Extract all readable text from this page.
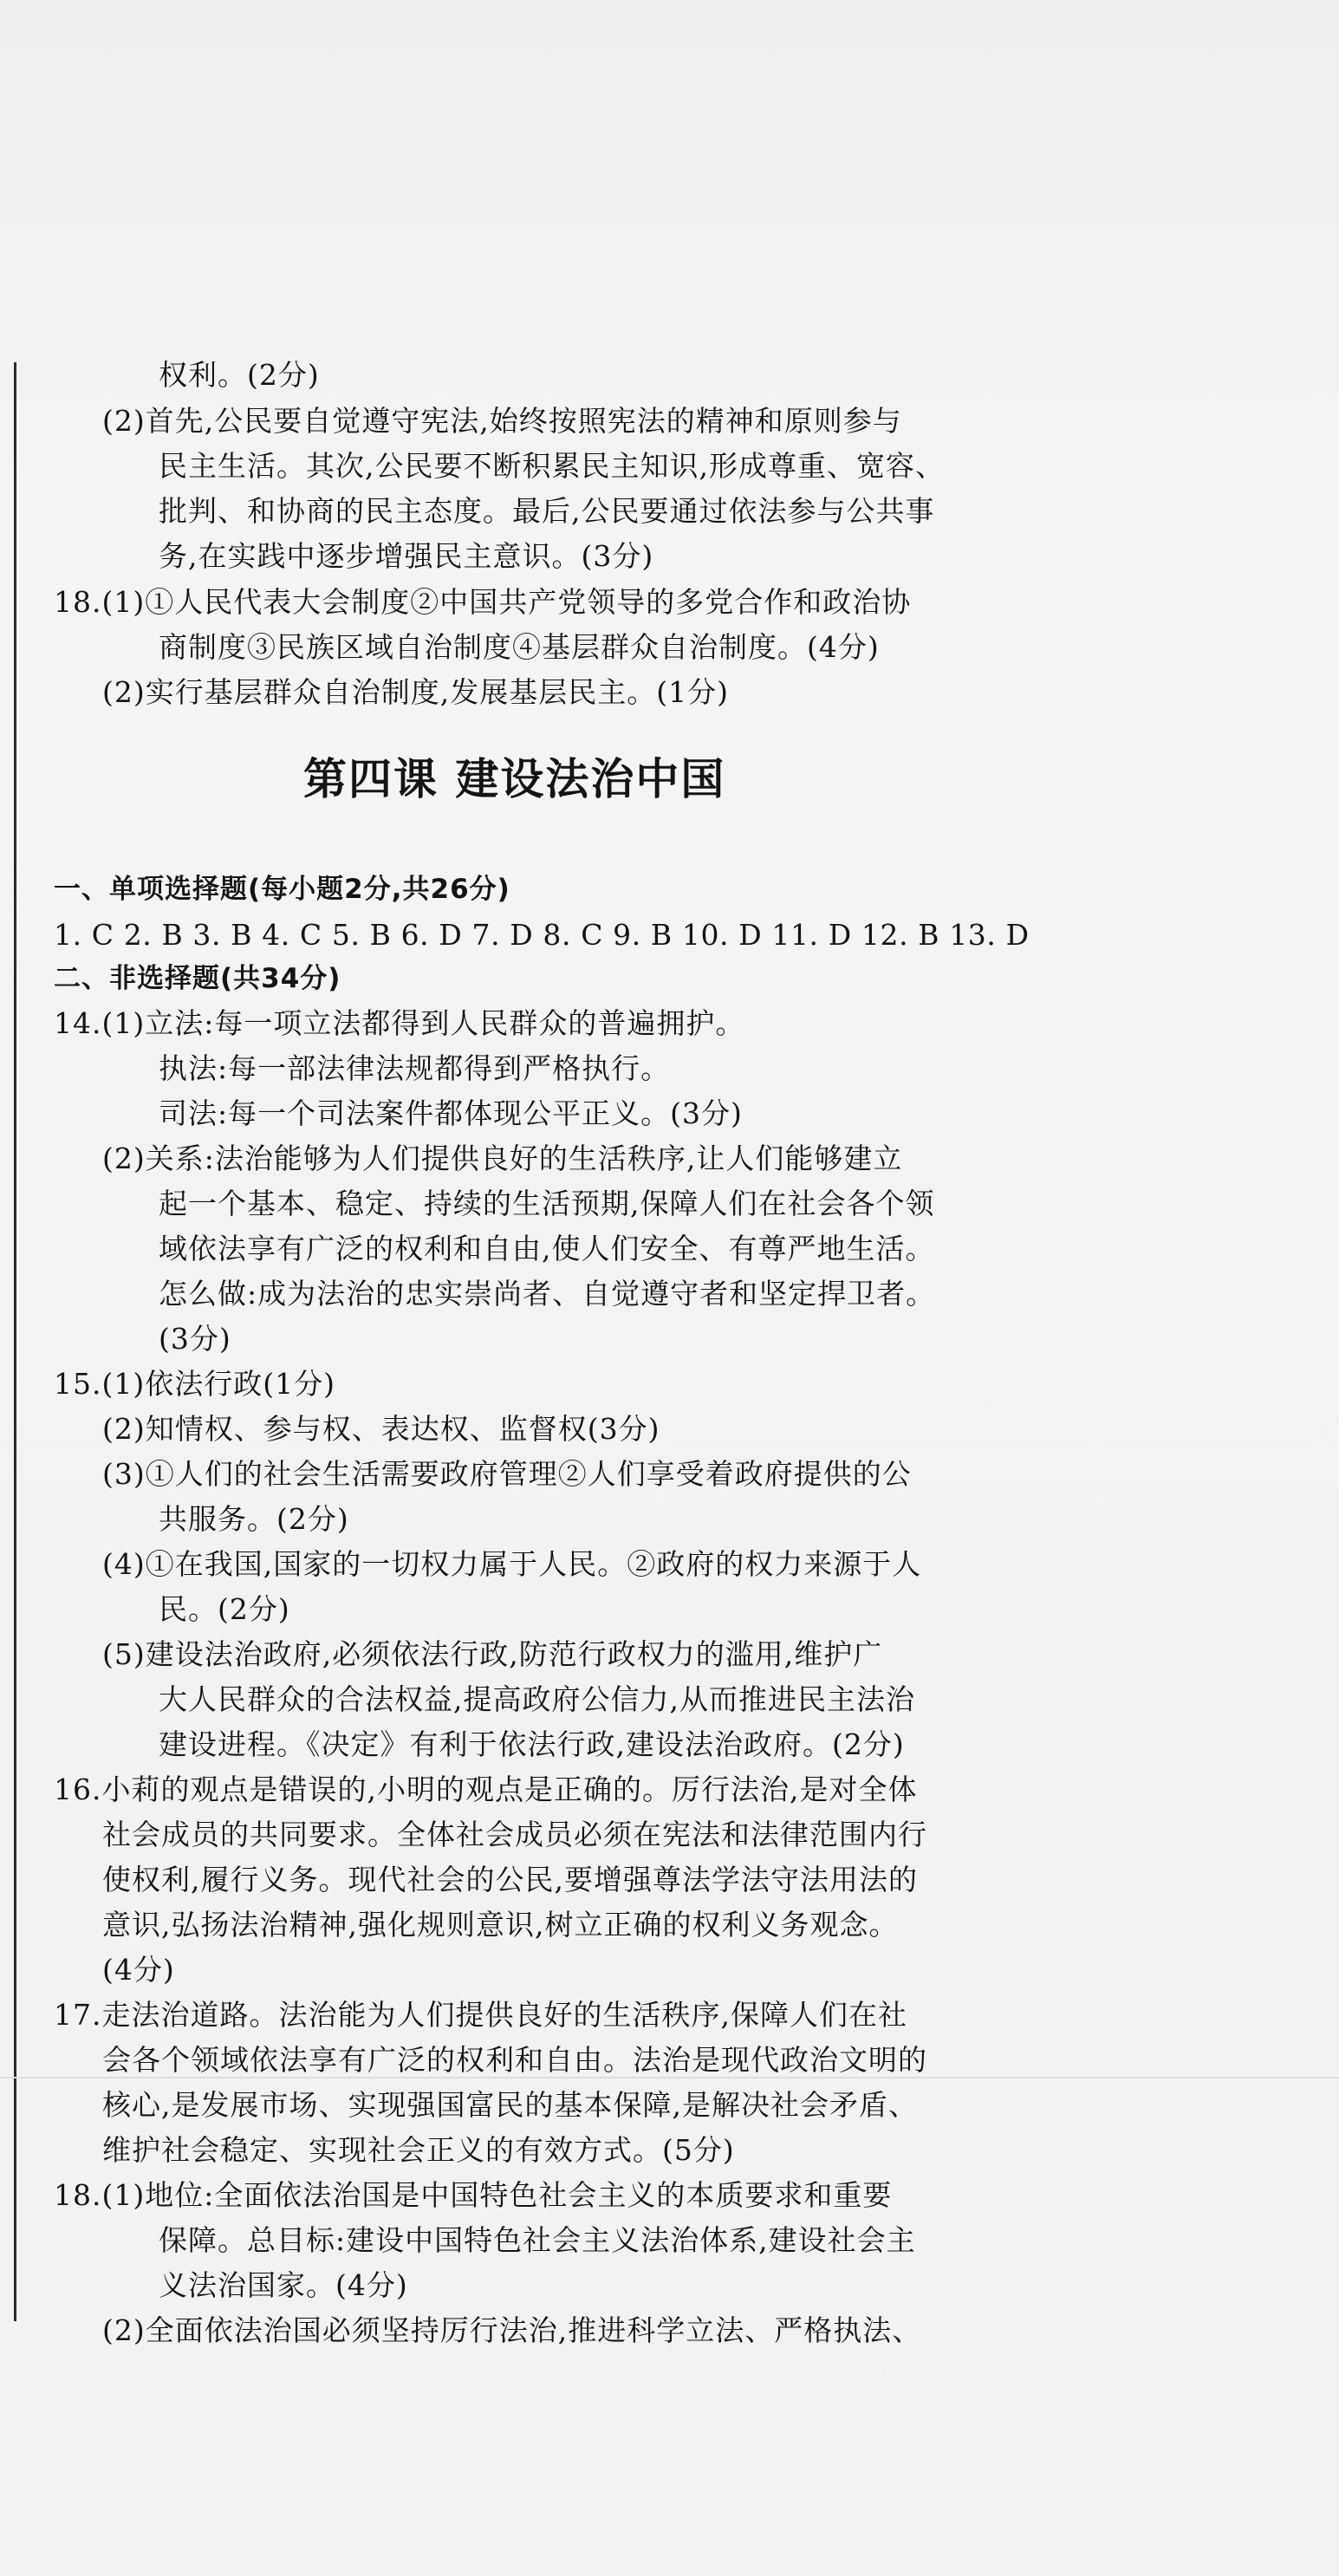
权利。(2分)
(2)首先,公民要自觉遵守宪法,始终按照宪法的精神和原则参与
民主生活。其次,公民要不断积累民主知识,形成尊重、宽容、
批判、和协商的民主态度。最后,公民要通过依法参与公共事
务,在实践中逐步增强民主意识。(3分)
18.(1)①人民代表大会制度②中国共产党领导的多党合作和政治协
商制度③民族区域自治制度④基层群众自治制度。(4分)
(2)实行基层群众自治制度,发展基层民主。(1分)
第四课 建设法治中国
一、单项选择题(每小题2分,共26分)
1. C 2. B 3. B 4. C 5. B 6. D 7. D 8. C 9. B 10. D 11. D 12. B 13. D
二、非选择题(共34分)
14.(1)立法:每一项立法都得到人民群众的普遍拥护。
执法:每一部法律法规都得到严格执行。
司法:每一个司法案件都体现公平正义。(3分)
(2)关系:法治能够为人们提供良好的生活秩序,让人们能够建立
起一个基本、稳定、持续的生活预期,保障人们在社会各个领
域依法享有广泛的权利和自由,使人们安全、有尊严地生活。
怎么做:成为法治的忠实崇尚者、自觉遵守者和坚定捍卫者。
(3分)
15.(1)依法行政(1分)
(2)知情权、参与权、表达权、监督权(3分)
(3)①人们的社会生活需要政府管理②人们享受着政府提供的公
共服务。(2分)
(4)①在我国,国家的一切权力属于人民。②政府的权力来源于人
民。(2分)
(5)建设法治政府,必须依法行政,防范行政权力的滥用,维护广
大人民群众的合法权益,提高政府公信力,从而推进民主法治
建设进程。《决定》有利于依法行政,建设法治政府。(2分)
16.小莉的观点是错误的,小明的观点是正确的。厉行法治,是对全体
社会成员的共同要求。全体社会成员必须在宪法和法律范围内行
使权利,履行义务。现代社会的公民,要增强尊法学法守法用法的
意识,弘扬法治精神,强化规则意识,树立正确的权利义务观念。
(4分)
17.走法治道路。法治能为人们提供良好的生活秩序,保障人们在社
会各个领域依法享有广泛的权利和自由。法治是现代政治文明的
核心,是发展市场、实现强国富民的基本保障,是解决社会矛盾、
维护社会稳定、实现社会正义的有效方式。(5分)
18.(1)地位:全面依法治国是中国特色社会主义的本质要求和重要
保障。总目标:建设中国特色社会主义法治体系,建设社会主
义法治国家。(4分)
(2)全面依法治国必须坚持厉行法治,推进科学立法、严格执法、
